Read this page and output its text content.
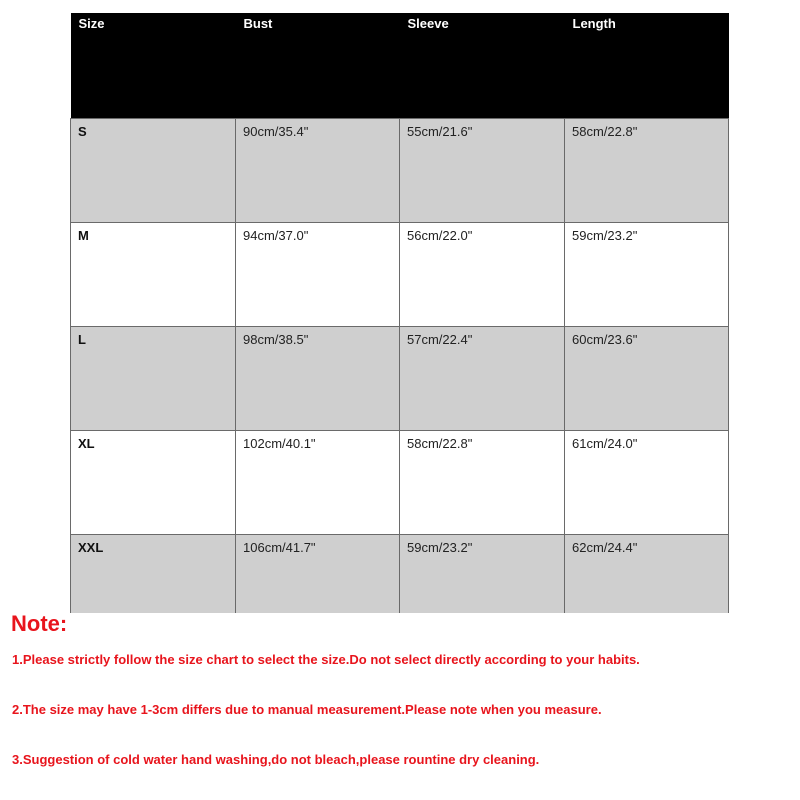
Size	Bust	Sleeve	Length
S	90cm/35.4"	55cm/21.6"	58cm/22.8"
M	94cm/37.0"	56cm/22.0"	59cm/23.2"
L	98cm/38.5"	57cm/22.4"	60cm/23.6"
XL	102cm/40.1"	58cm/22.8"	61cm/24.0"
XXL	106cm/41.7"	59cm/23.2"	62cm/24.4"
Note:

1.Please strictly follow the size chart to select the size.Do not select directly according to your habits.

2.The size may have 1-3cm differs due to manual measurement.Please note when you measure.

3.Suggestion of cold water hand washing,do not bleach,please rountine dry cleaning.
